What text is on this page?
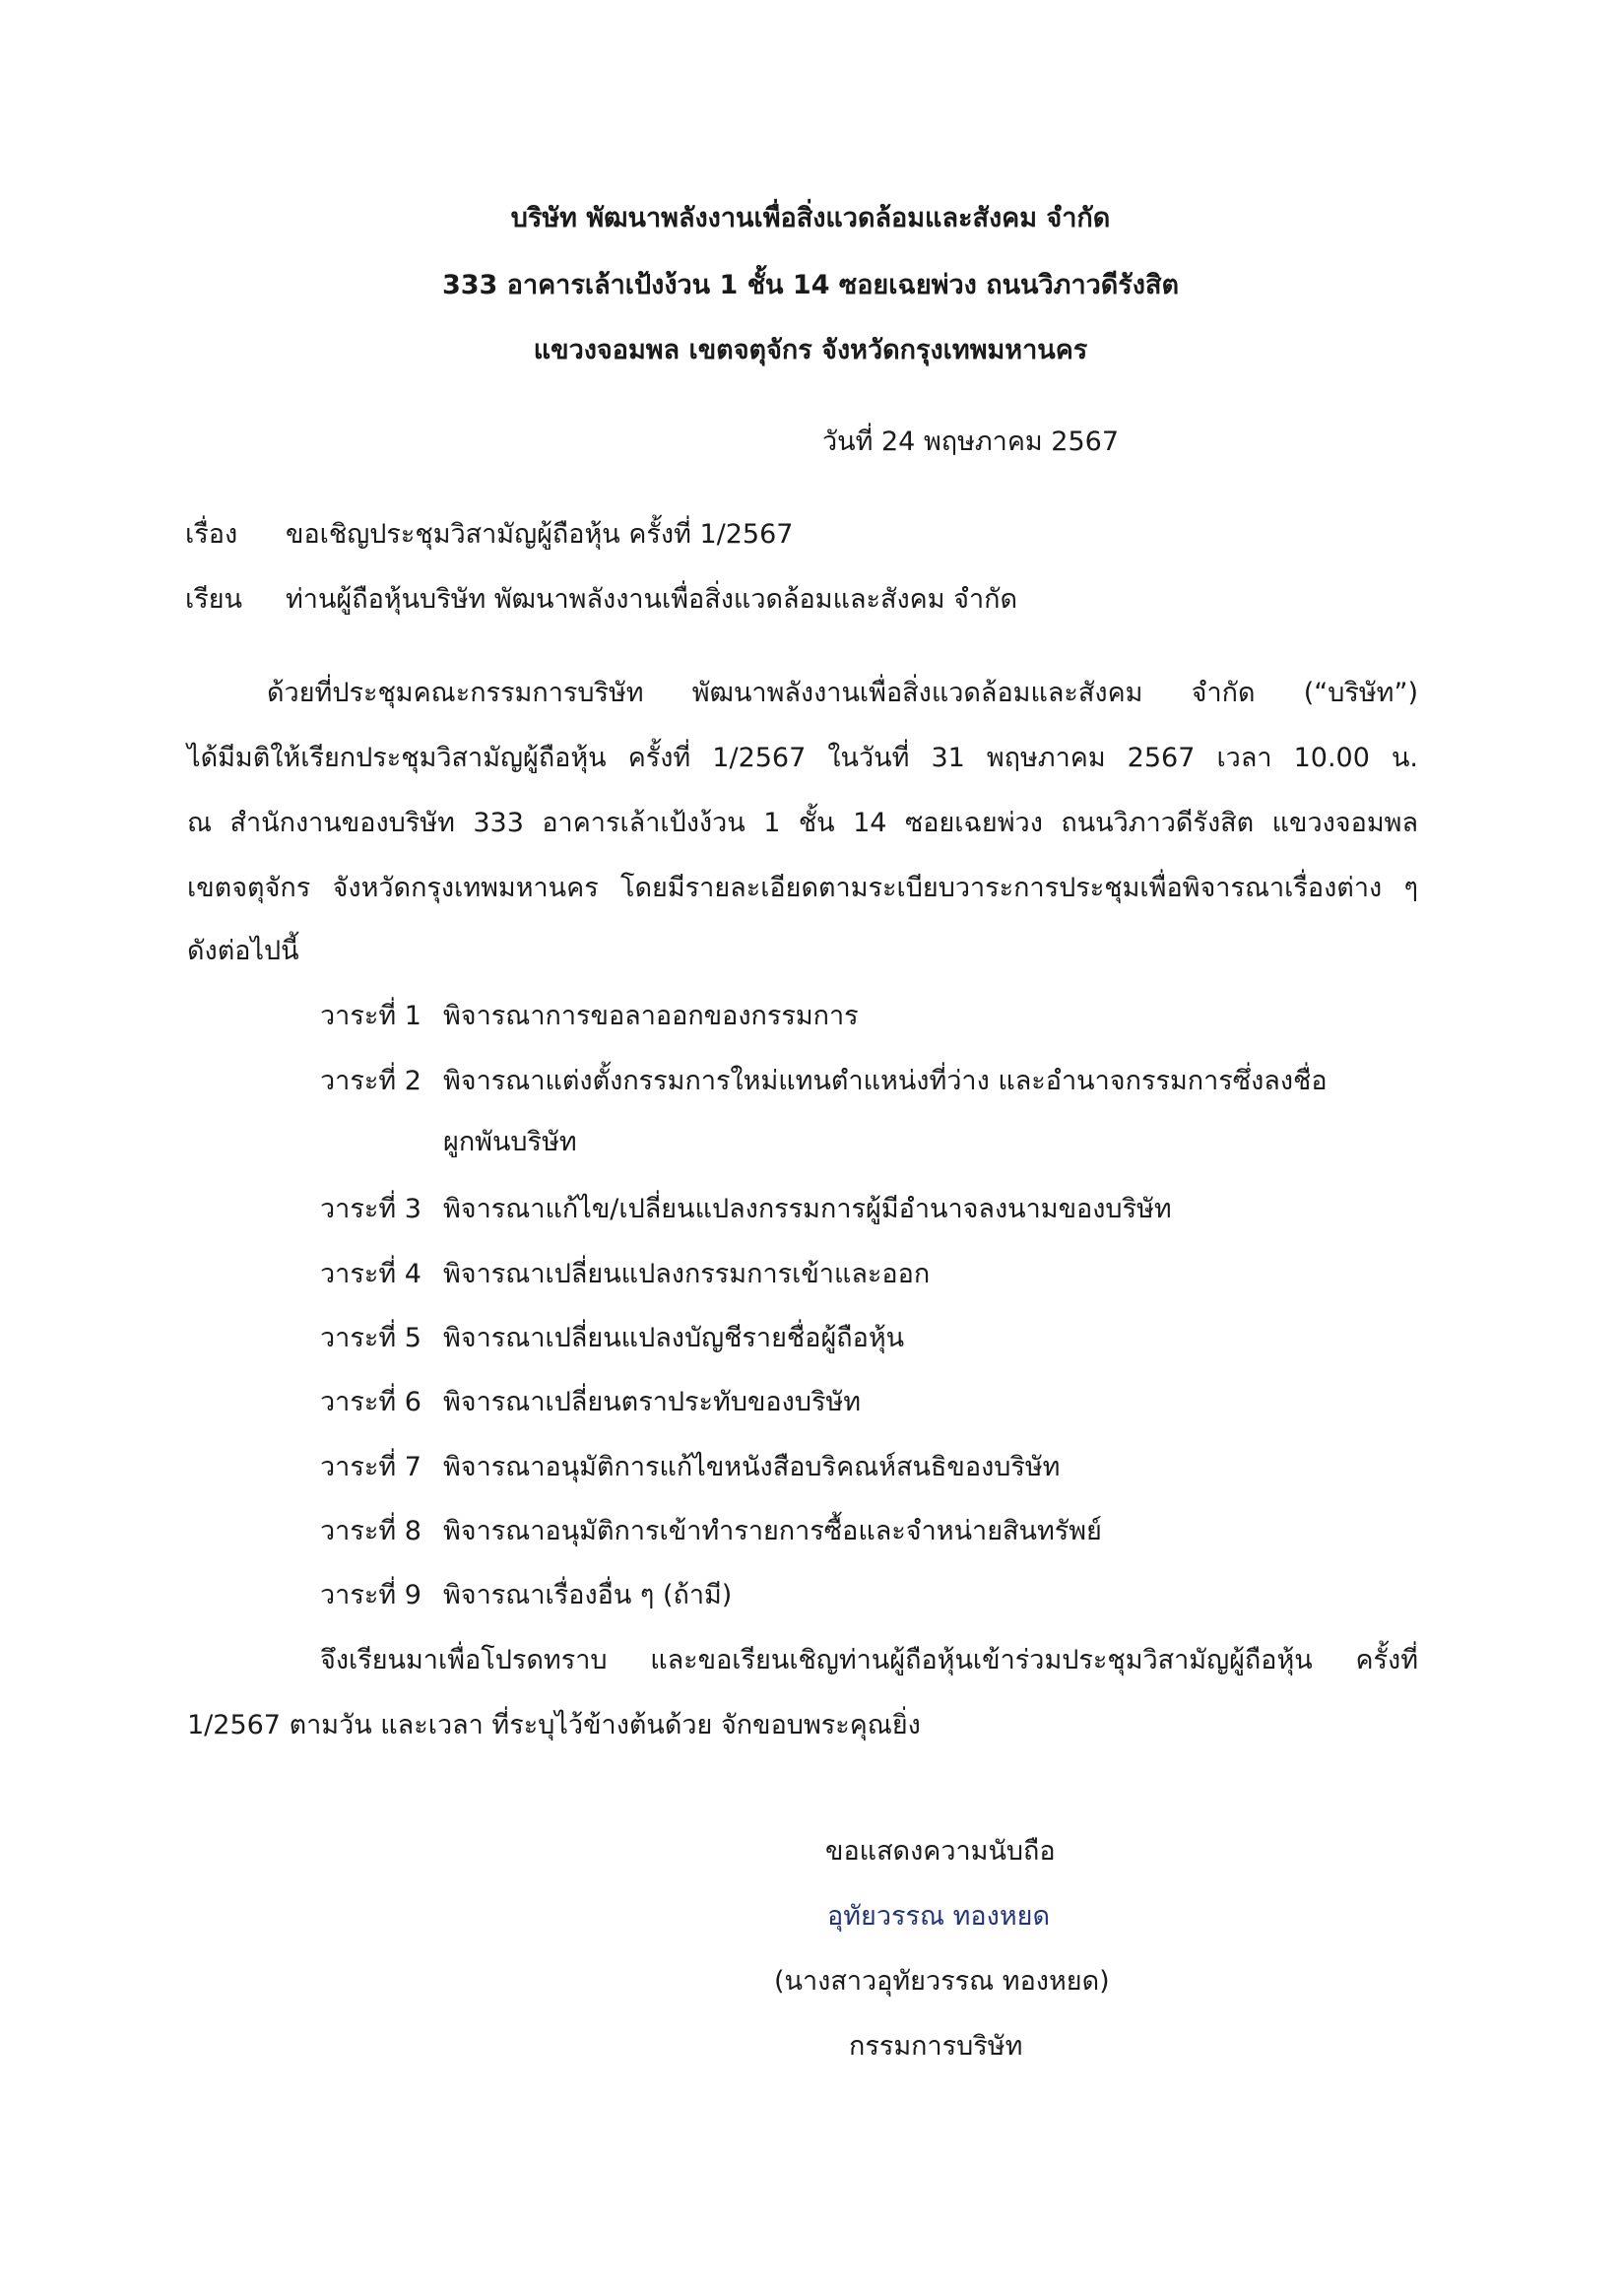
บริษัท พัฒนาพลังงานเพื่อสิ่งแวดล้อมและสังคม จำกัด
333 อาคารเล้าเป้งง้วน 1 ชั้น 14 ซอยเฉยพ่วง ถนนวิภาวดีรังสิต
แขวงจอมพล เขตจตุจักร จังหวัดกรุงเทพมหานคร
วันที่ 24 พฤษภาคม 2567
เรื่อง ขอเชิญประชุมวิสามัญผู้ถือหุ้น ครั้งที่ 1/2567
เรียน ท่านผู้ถือหุ้นบริษัท พัฒนาพลังงานเพื่อสิ่งแวดล้อมและสังคม จำกัด
ด้วยที่ประชุมคณะกรรมการบริษัท พัฒนาพลังงานเพื่อสิ่งแวดล้อมและสังคม จำกัด (“บริษัท”)
ได้มีมติให้เรียกประชุมวิสามัญผู้ถือหุ้น ครั้งที่ 1/2567 ในวันที่ 31 พฤษภาคม 2567 เวลา 10.00 น.
ณ สำนักงานของบริษัท 333 อาคารเล้าเป้งง้วน 1 ชั้น 14 ซอยเฉยพ่วง ถนนวิภาวดีรังสิต แขวงจอมพล
เขตจตุจักร จังหวัดกรุงเทพมหานคร โดยมีรายละเอียดตามระเบียบวาระการประชุมเพื่อพิจารณาเรื่องต่าง ๆ
ดังต่อไปนี้
วาระที่ 1 พิจารณาการขอลาออกของกรรมการ
วาระที่ 2 พิจารณาแต่งตั้งกรรมการใหม่แทนตำแหน่งที่ว่าง และอำนาจกรรมการซึ่งลงชื่อ
ผูกพันบริษัท
วาระที่ 3 พิจารณาแก้ไข/เปลี่ยนแปลงกรรมการผู้มีอำนาจลงนามของบริษัท
วาระที่ 4 พิจารณาเปลี่ยนแปลงกรรมการเข้าและออก
วาระที่ 5 พิจารณาเปลี่ยนแปลงบัญชีรายชื่อผู้ถือหุ้น
วาระที่ 6 พิจารณาเปลี่ยนตราประทับของบริษัท
วาระที่ 7 พิจารณาอนุมัติการแก้ไขหนังสือบริคณห์สนธิของบริษัท
วาระที่ 8 พิจารณาอนุมัติการเข้าทำรายการซื้อและจำหน่ายสินทรัพย์
วาระที่ 9 พิจารณาเรื่องอื่น ๆ (ถ้ามี)
จึงเรียนมาเพื่อโปรดทราบ และขอเรียนเชิญท่านผู้ถือหุ้นเข้าร่วมประชุมวิสามัญผู้ถือหุ้น ครั้งที่
1/2567 ตามวัน และเวลา ที่ระบุไว้ข้างต้นด้วย จักขอบพระคุณยิ่ง
ขอแสดงความนับถือ
อุทัยวรรณ ทองหยด
(นางสาวอุทัยวรรณ ทองหยด)
กรรมการบริษัท
